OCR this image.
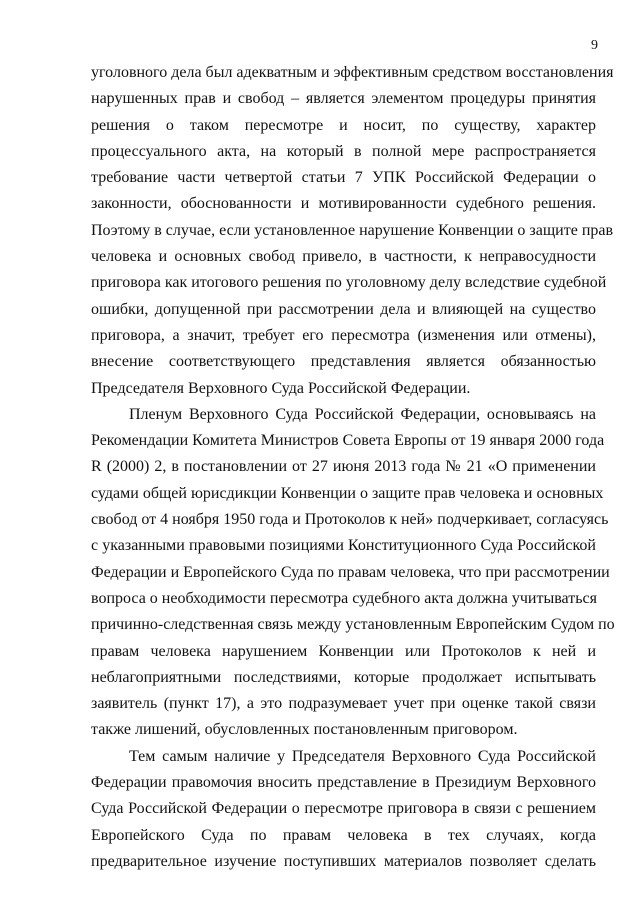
9
уголовного дела был адекватным и эффективным средством восстановления
нарушенных прав и свобод – является элементом процедуры принятия
решения о таком пересмотре и носит, по существу, характер
процессуального акта, на который в полной мере распространяется
требование части четвертой статьи 7 УПК Российской Федерации о
законности, обоснованности и мотивированности судебного решения.
Поэтому в случае, если установленное нарушение Конвенции о защите прав
человека и основных свобод привело, в частности, к неправосудности
приговора как итогового решения по уголовному делу вследствие судебной
ошибки, допущенной при рассмотрении дела и влияющей на существо
приговора, а значит, требует его пересмотра (изменения или отмены),
внесение соответствующего представления является обязанностью
Председателя Верховного Суда Российской Федерации.
Пленум Верховного Суда Российской Федерации, основываясь на
Рекомендации Комитета Министров Совета Европы от 19 января 2000 года
R (2000) 2, в постановлении от 27 июня 2013 года № 21 «О применении
судами общей юрисдикции Конвенции о защите прав человека и основных
свобод от 4 ноября 1950 года и Протоколов к ней» подчеркивает, согласуясь
с указанными правовыми позициями Конституционного Суда Российской
Федерации и Европейского Суда по правам человека, что при рассмотрении
вопроса о необходимости пересмотра судебного акта должна учитываться
причинно-следственная связь между установленным Европейским Судом по
правам человека нарушением Конвенции или Протоколов к ней и
неблагоприятными последствиями, которые продолжает испытывать
заявитель (пункт 17), а это подразумевает учет при оценке такой связи
также лишений, обусловленных постановленным приговором.
Тем самым наличие у Председателя Верховного Суда Российской
Федерации правомочия вносить представление в Президиум Верховного
Суда Российской Федерации о пересмотре приговора в связи с решением
Европейского Суда по правам человека в тех случаях, когда
предварительное изучение поступивших материалов позволяет сделать
